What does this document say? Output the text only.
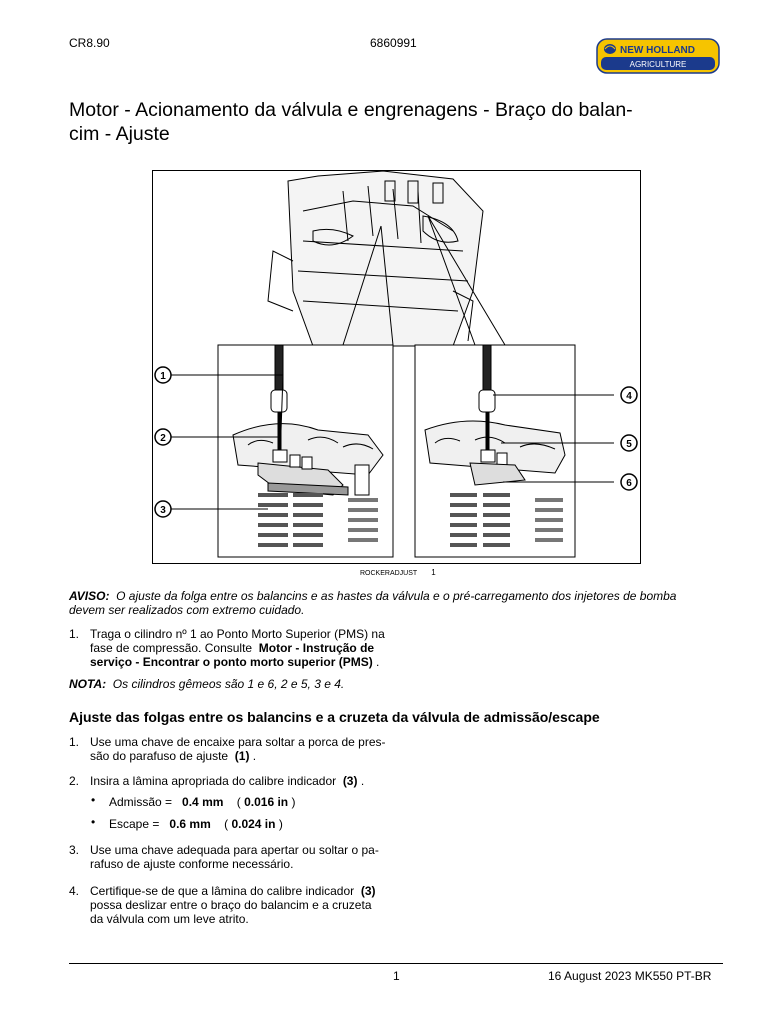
CR8.90	6860991
NEW HOLLAND
AGRICULTURE
Motor - Acionamento da válvula e engrenagens - Braço do balan-
cim - Ajuste
1
2
3
4
5
6
ROCKERADJUST 1
AVISO: O ajuste da folga entre os balancins e as hastes da válvula e o pré-carregamento dos injetores de bomba
devem ser realizados com extremo cuidado.
1. Traga o cilindro nº 1 ao Ponto Morto Superior (PMS) na
fase de compressão. Consulte Motor - Instrução de
serviço - Encontrar o ponto morto superior (PMS) .
NOTA: Os cilindros gêmeos são 1 e 6, 2 e 5, 3 e 4.
Ajuste das folgas entre os balancins e a cruzeta da válvula de admissão/escape
1. Use uma chave de encaixe para soltar a porca de pres-
são do parafuso de ajuste (1) .
2. Insira a lâmina apropriada do calibre indicador (3) .
• Admissão = 0.4 mm ( 0.016 in )
• Escape = 0.6 mm ( 0.024 in )
3. Use uma chave adequada para apertar ou soltar o pa-
rafuso de ajuste conforme necessário.
4. Certifique-se de que a lâmina do calibre indicador (3)
possa deslizar entre o braço do balancim e a cruzeta
da válvula com um leve atrito.
1	16 August 2023 MK550 PT-BR
